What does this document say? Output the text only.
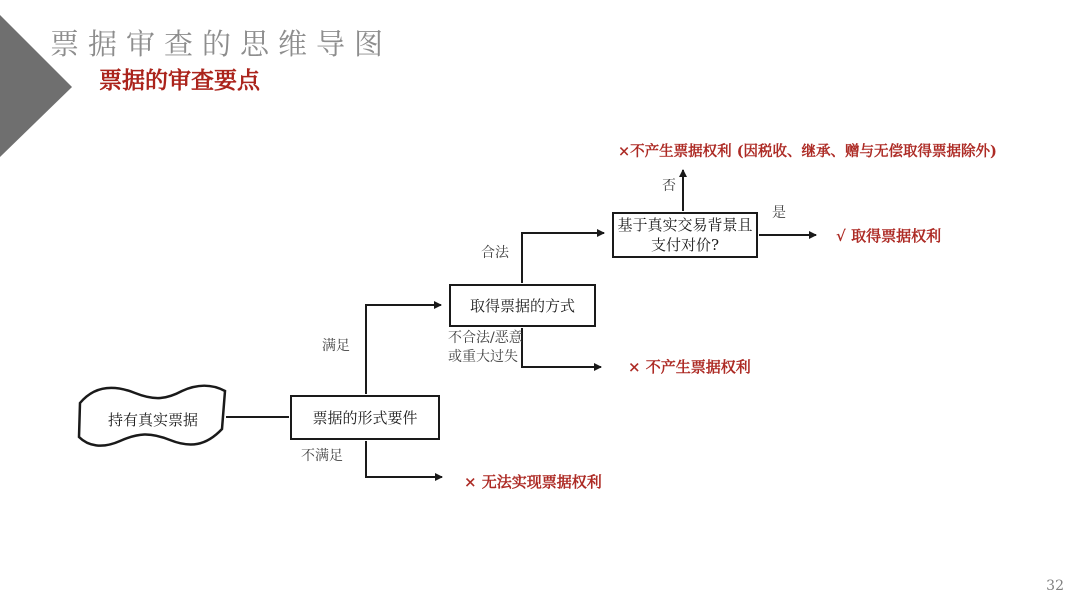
票据审查的思维导图
票据的审查要点
持有真实票据	票据的形式要件
取得票据的方式
基于真实交易背景且
支付对价?
满足
不满足
合法
不合法/恶意
或重大过失
否
是
×不产生票据权利 (因税收、继承、赠与无偿取得票据除外)
√ 取得票据权利
× 不产生票据权利
× 无法实现票据权利
32
